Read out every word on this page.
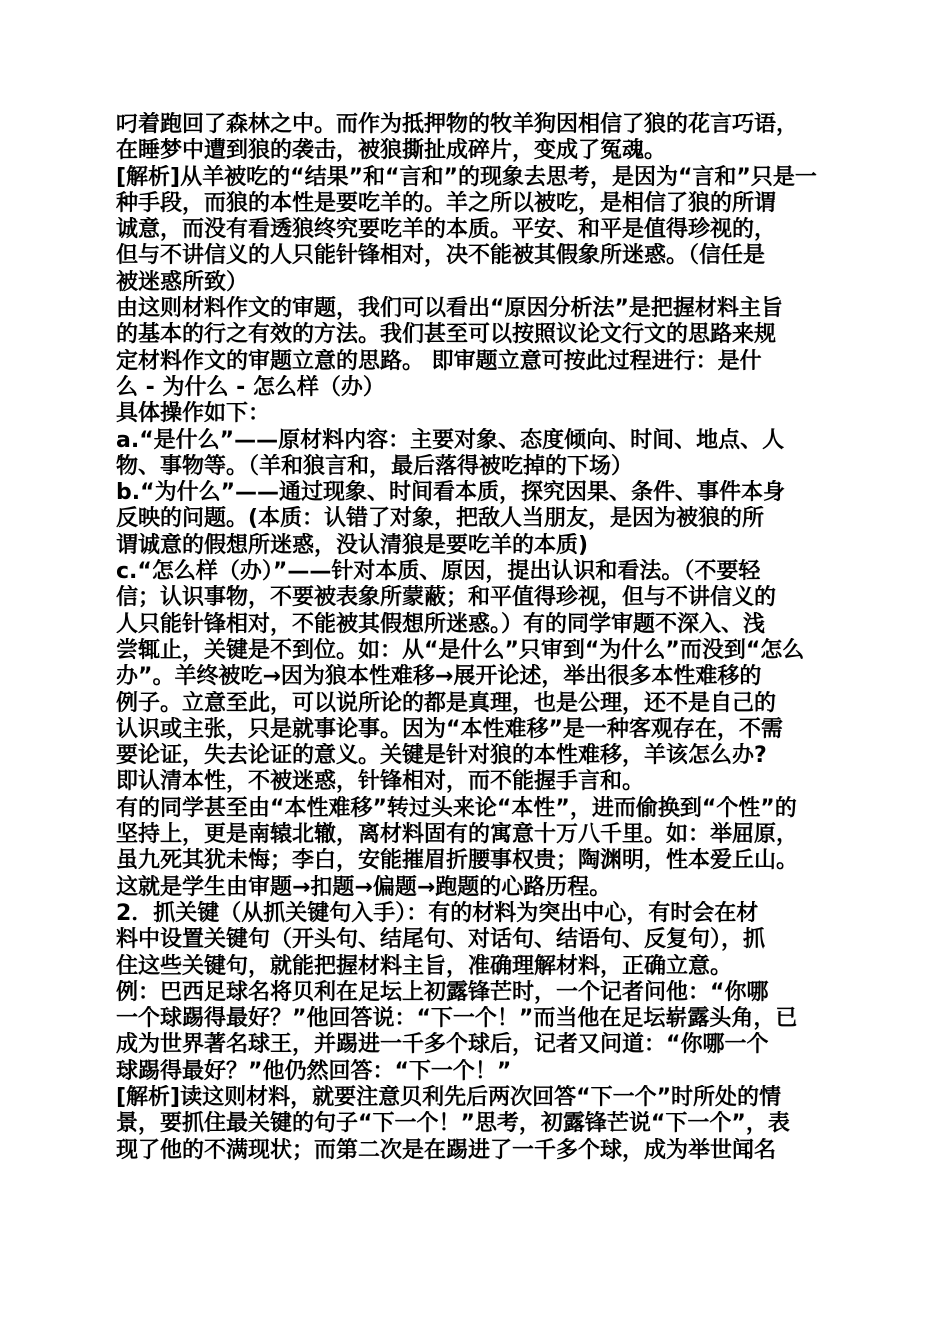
叼着跑回了森林之中。而作为抵押物的牧羊狗因相信了狼的花言巧语，
在睡梦中遭到狼的袭击，被狼撕扯成碎片，变成了冤魂。
[解析]从羊被吃的“结果”和“言和”的现象去思考，是因为“言和”只是一
种手段，而狼的本性是要吃羊的。羊之所以被吃，是相信了狼的所谓
诚意，而没有看透狼终究要吃羊的本质。平安、和平是值得珍视的，
但与不讲信义的人只能针锋相对，决不能被其假象所迷惑。（信任是
被迷惑所致）
由这则材料作文的审题，我们可以看出“原因分析法”是把握材料主旨
的基本的行之有效的方法。我们甚至可以按照议论文行文的思路来规
定材料作文的审题立意的思路。 即审题立意可按此过程进行：是什
么 - 为什么 - 怎么样（办）
具体操作如下：
a.“是什么”——原材料内容：主要对象、态度倾向、时间、地点、人
物、事物等。（羊和狼言和，最后落得被吃掉的下场）
b.“为什么”——通过现象、时间看本质，探究因果、条件、事件本身
反映的问题。(本质：认错了对象，把敌人当朋友，是因为被狼的所
谓诚意的假想所迷惑，没认清狼是要吃羊的本质)
c.“怎么样（办）”——针对本质、原因，提出认识和看法。（不要轻
信；认识事物，不要被表象所蒙蔽；和平值得珍视，但与不讲信义的
人只能针锋相对，不能被其假想所迷惑。）有的同学审题不深入、浅
尝辄止，关键是不到位。如：从“是什么”只审到“为什么”而没到“怎么
办”。羊终被吃→因为狼本性难移→展开论述，举出很多本性难移的
例子。立意至此，可以说所论的都是真理，也是公理，还不是自己的
认识或主张，只是就事论事。因为“本性难移”是一种客观存在，不需
要论证，失去论证的意义。关键是针对狼的本性难移，羊该怎么办?
即认清本性，不被迷惑，针锋相对，而不能握手言和。
有的同学甚至由“本性难移”转过头来论“本性”，进而偷换到“个性”的
坚持上，更是南辕北辙，离材料固有的寓意十万八千里。如：举屈原，
虽九死其犹未悔；李白，安能摧眉折腰事权贵；陶渊明，性本爱丘山。
这就是学生由审题→扣题→偏题→跑题的心路历程。
2．抓关键（从抓关键句入手）：有的材料为突出中心，有时会在材
料中设置关键句（开头句、结尾句、对话句、结语句、反复句），抓
住这些关键句，就能把握材料主旨，准确理解材料，正确立意。
例：巴西足球名将贝利在足坛上初露锋芒时，一个记者问他：“你哪
一个球踢得最好？”他回答说：“下一个！”而当他在足坛崭露头角，已
成为世界著名球王，并踢进一千多个球后，记者又问道：“你哪一个
球踢得最好？”他仍然回答：“下一个！”
[解析]读这则材料，就要注意贝利先后两次回答“下一个”时所处的情
景，要抓住最关键的句子“下一个！”思考，初露锋芒说“下一个”，表
现了他的不满现状；而第二次是在踢进了一千多个球，成为举世闻名
